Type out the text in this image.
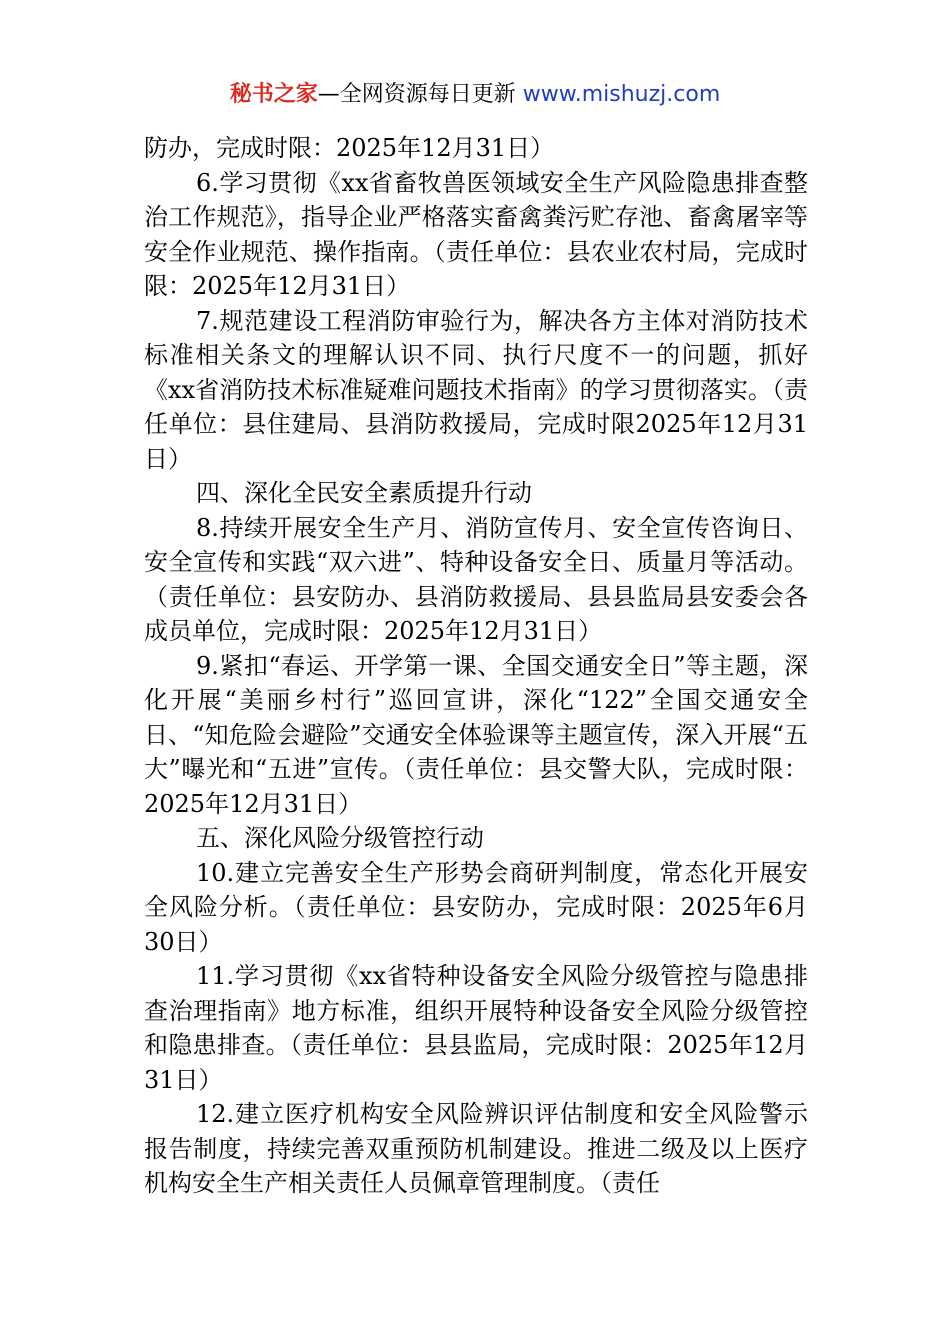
秘书之家—全网资源每日更新 www.mishuzj.com

防办，完成时限：2025年12月31日）

6.学习贯彻《xx省畜牧兽医领域安全生产风险隐患排查整治工作规范》，指导企业严格落实畜禽粪污贮存池、畜禽屠宰等安全作业规范、操作指南。（责任单位：县农业农村局，完成时限：2025年12月31日）

7.规范建设工程消防审验行为，解决各方主体对消防技术标准相关条文的理解认识不同、执行尺度不一的问题，抓好《xx省消防技术标准疑难问题技术指南》的学习贯彻落实。（责任单位：县住建局、县消防救援局，完成时限2025年12月31日）

四、深化全民安全素质提升行动

8.持续开展安全生产月、消防宣传月、安全宣传咨询日、安全宣传和实践“双六进”、特种设备安全日、质量月等活动。（责任单位：县安防办、县消防救援局、县县监局县安委会各成员单位，完成时限：2025年12月31日）

9.紧扣“春运、开学第一课、全国交通安全日”等主题，深化开展“美丽乡村行”巡回宣讲，深化“122”全国交通安全日、“知危险会避险”交通安全体验课等主题宣传，深入开展“五大”曝光和“五进”宣传。（责任单位：县交警大队，完成时限：2025年12月31日）

五、深化风险分级管控行动

10.建立完善安全生产形势会商研判制度，常态化开展安全风险分析。（责任单位：县安防办，完成时限：2025年6月30日）

11.学习贯彻《xx省特种设备安全风险分级管控与隐患排查治理指南》地方标准，组织开展特种设备安全风险分级管控和隐患排查。（责任单位：县县监局，完成时限：2025年12月31日）

12.建立医疗机构安全风险辨识评估制度和安全风险警示报告制度，持续完善双重预防机制建设。推进二级及以上医疗机构安全生产相关责任人员佩章管理制度。（责任
